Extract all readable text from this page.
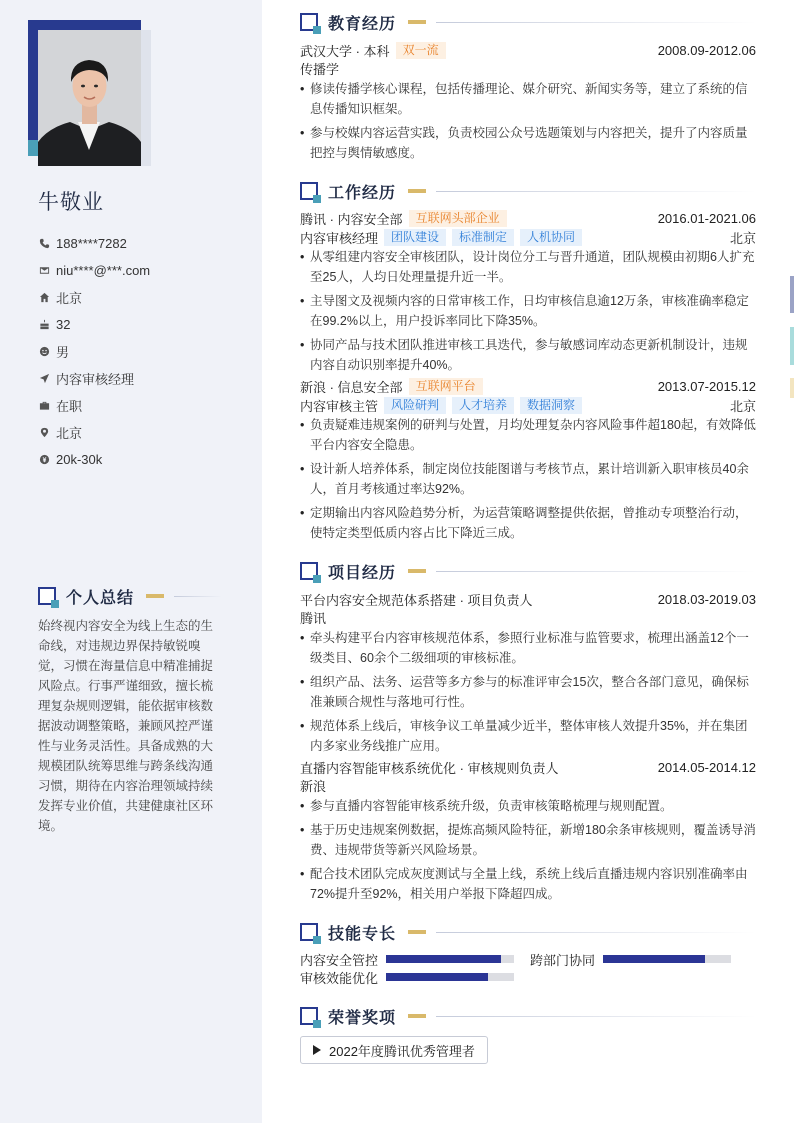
牛敬业
188****7282
niu****@***.com
北京
32
男
内容审核经理
在职
北京
20k-30k
个人总结

始终视内容安全为线上生态的生命线，对违规边界保持敏锐嗅觉，习惯在海量信息中精准捕捉风险点。行事严谨细致，擅长梳理复杂规则逻辑，能依据审核数据波动调整策略，兼顾风控严谨性与业务灵活性。具备成熟的大规模团队统筹思维与跨条线沟通习惯，期待在内容治理领域持续发挥专业价值，共建健康社区环境。

教育经历
武汉大学 · 本科	双一流	2008.09-2012.06
传播学
• 修读传播学核心课程，包括传播理论、媒介研究、新闻实务等，建立了系统的信息传播知识框架。
• 参与校媒内容运营实践，负责校园公众号选题策划与内容把关，提升了内容质量把控与舆情敏感度。
工作经历
腾讯 · 内容安全部	互联网头部企业	2016.01-2021.06
内容审核经理	团队建设	标准制定	人机协同	北京
• 从零组建内容安全审核团队，设计岗位分工与晋升通道，团队规模由初期6人扩充至25人，人均日处理量提升近一半。
• 主导图文及视频内容的日常审核工作，日均审核信息逾12万条，审核准确率稳定在99.2%以上，用户投诉率同比下降35%。
• 协同产品与技术团队推进审核工具迭代，参与敏感词库动态更新机制设计，违规内容自动识别率提升40%。
新浪 · 信息安全部	互联网平台	2013.07-2015.12
内容审核主管	风险研判	人才培养	数据洞察	北京
• 负责疑难违规案例的研判与处置，月均处理复杂内容风险事件超180起，有效降低平台内容安全隐患。
• 设计新人培养体系，制定岗位技能图谱与考核节点，累计培训新入职审核员40余人，首月考核通过率达92%。
• 定期输出内容风险趋势分析，为运营策略调整提供依据，曾推动专项整治行动，使特定类型低质内容占比下降近三成。
项目经历
平台内容安全规范体系搭建 · 项目负责人	2018.03-2019.03
腾讯
• 牵头构建平台内容审核规范体系，参照行业标准与监管要求，梳理出涵盖12个一级类目、60余个二级细项的审核标准。
• 组织产品、法务、运营等多方参与的标准评审会15次，整合各部门意见，确保标准兼顾合规性与落地可行性。
• 规范体系上线后，审核争议工单量减少近半，整体审核人效提升35%，并在集团内多家业务线推广应用。
直播内容智能审核系统优化 · 审核规则负责人	2014.05-2014.12
新浪
• 参与直播内容智能审核系统升级，负责审核策略梳理与规则配置。
• 基于历史违规案例数据，提炼高频风险特征，新增180余条审核规则，覆盖诱导消费、违规带货等新兴风险场景。
• 配合技术团队完成灰度测试与全量上线，系统上线后直播违规内容识别准确率由72%提升至92%，相关用户举报下降超四成。
技能专长
内容安全管控	跨部门协同
审核效能优化
荣誉奖项
2022年度腾讯优秀管理者
